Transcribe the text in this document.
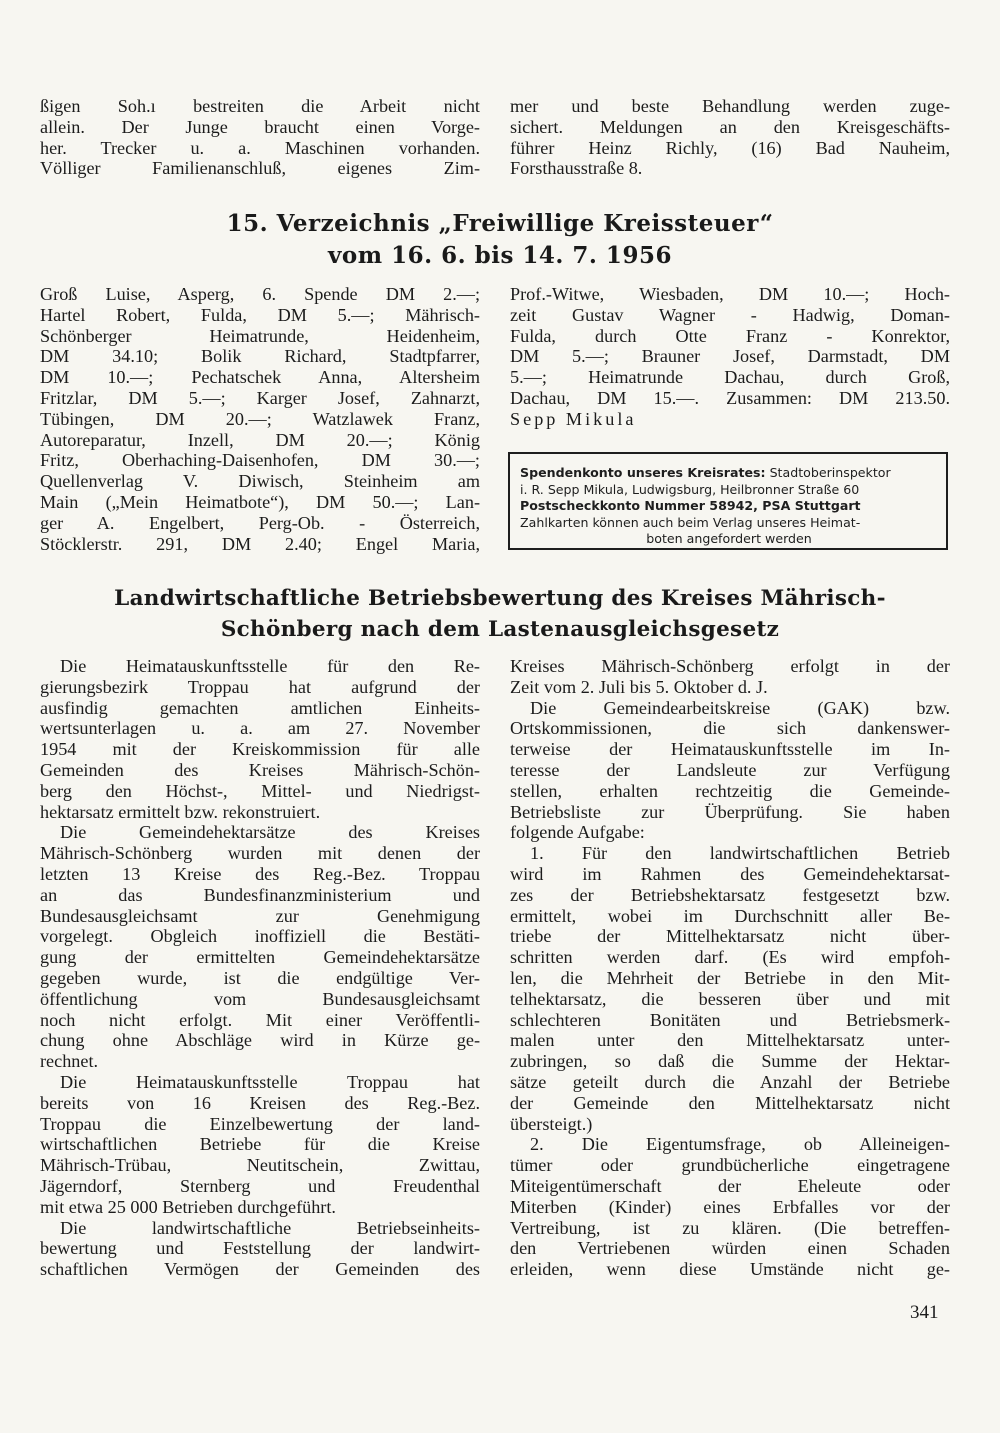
ßigen Soh.ı bestreiten die Arbeit nicht
allein. Der Junge braucht einen Vorge-
her. Trecker u. a. Maschinen vorhanden.
Völliger Familienanschluß, eigenes Zim-
mer und beste Behandlung werden zuge-
sichert. Meldungen an den Kreisgeschäfts-
führer Heinz Richly, (16) Bad Nauheim,
Forsthausstraße 8.
15. Verzeichnis „Freiwillige Kreissteuer“
vom 16. 6. bis 14. 7. 1956
Groß Luise, Asperg, 6. Spende DM 2.—;
Hartel Robert, Fulda, DM 5.—; Mährisch-
Schönberger Heimatrunde, Heidenheim,
DM 34.10; Bolik Richard, Stadtpfarrer,
DM 10.—; Pechatschek Anna, Altersheim
Fritzlar, DM 5.—; Karger Josef, Zahnarzt,
Tübingen, DM 20.—; Watzlawek Franz,
Autoreparatur, Inzell, DM 20.—; König
Fritz, Oberhaching-Daisenhofen, DM 30.—;
Quellenverlag V. Diwisch, Steinheim am
Main („Mein Heimatbote“), DM 50.—; Lan-
ger A. Engelbert, Perg-Ob. - Österreich,
Stöcklerstr. 291, DM 2.40; Engel Maria,
Prof.-Witwe, Wiesbaden, DM 10.—; Hoch-
zeit Gustav Wagner - Hadwig, Doman-
Fulda, durch Otte Franz - Konrektor,
DM 5.—; Brauner Josef, Darmstadt, DM
5.—; Heimatrunde Dachau, durch Groß,
Dachau, DM 15.—. Zusammen: DM 213.50.
Sepp Mikula
Spendenkonto unseres Kreisrates: Stadtoberinspektor
i. R. Sepp Mikula, Ludwigsburg, Heilbronner Straße 60
Postscheckkonto Nummer 58942, PSA Stuttgart
Zahlkarten können auch beim Verlag unseres Heimat-
boten angefordert werden
Landwirtschaftliche Betriebsbewertung des Kreises Mährisch-
Schönberg nach dem Lastenausgleichsgesetz
Die Heimatauskunftsstelle für den Re-
gierungsbezirk Troppau hat aufgrund der
ausfindig gemachten amtlichen Einheits-
wertsunterlagen u. a. am 27. November
1954 mit der Kreiskommission für alle
Gemeinden des Kreises Mährisch-Schön-
berg den Höchst-, Mittel- und Niedrigst-
hektarsatz ermittelt bzw. rekonstruiert.
Die Gemeindehektarsätze des Kreises
Mährisch-Schönberg wurden mit denen der
letzten 13 Kreise des Reg.-Bez. Troppau
an das Bundesfinanzministerium und
Bundesausgleichsamt zur Genehmigung
vorgelegt. Obgleich inoffiziell die Bestäti-
gung der ermittelten Gemeindehektarsätze
gegeben wurde, ist die endgültige Ver-
öffentlichung vom Bundesausgleichsamt
noch nicht erfolgt. Mit einer Veröffentli-
chung ohne Abschläge wird in Kürze ge-
rechnet.
Die Heimatauskunftsstelle Troppau hat
bereits von 16 Kreisen des Reg.-Bez.
Troppau die Einzelbewertung der land-
wirtschaftlichen Betriebe für die Kreise
Mährisch-Trübau, Neutitschein, Zwittau,
Jägerndorf, Sternberg und Freudenthal
mit etwa 25 000 Betrieben durchgeführt.
Die landwirtschaftliche Betriebseinheits-
bewertung und Feststellung der landwirt-
schaftlichen Vermögen der Gemeinden des
Kreises Mährisch-Schönberg erfolgt in der
Zeit vom 2. Juli bis 5. Oktober d. J.
Die Gemeindearbeitskreise (GAK) bzw.
Ortskommissionen, die sich dankenswer-
terweise der Heimatauskunftsstelle im In-
teresse der Landsleute zur Verfügung
stellen, erhalten rechtzeitig die Gemeinde-
Betriebsliste zur Überprüfung. Sie haben
folgende Aufgabe:
1. Für den landwirtschaftlichen Betrieb
wird im Rahmen des Gemeindehektarsat-
zes der Betriebshektarsatz festgesetzt bzw.
ermittelt, wobei im Durchschnitt aller Be-
triebe der Mittelhektarsatz nicht über-
schritten werden darf. (Es wird empfoh-
len, die Mehrheit der Betriebe in den Mit-
telhektarsatz, die besseren über und mit
schlechteren Bonitäten und Betriebsmerk-
malen unter den Mittelhektarsatz unter-
zubringen, so daß die Summe der Hektar-
sätze geteilt durch die Anzahl der Betriebe
der Gemeinde den Mittelhektarsatz nicht
übersteigt.)
2. Die Eigentumsfrage, ob Alleineigen-
tümer oder grundbücherliche eingetragene
Miteigentümerschaft der Eheleute oder
Miterben (Kinder) eines Erbfalles vor der
Vertreibung, ist zu klären. (Die betreffen-
den Vertriebenen würden einen Schaden
erleiden, wenn diese Umstände nicht ge-
341
